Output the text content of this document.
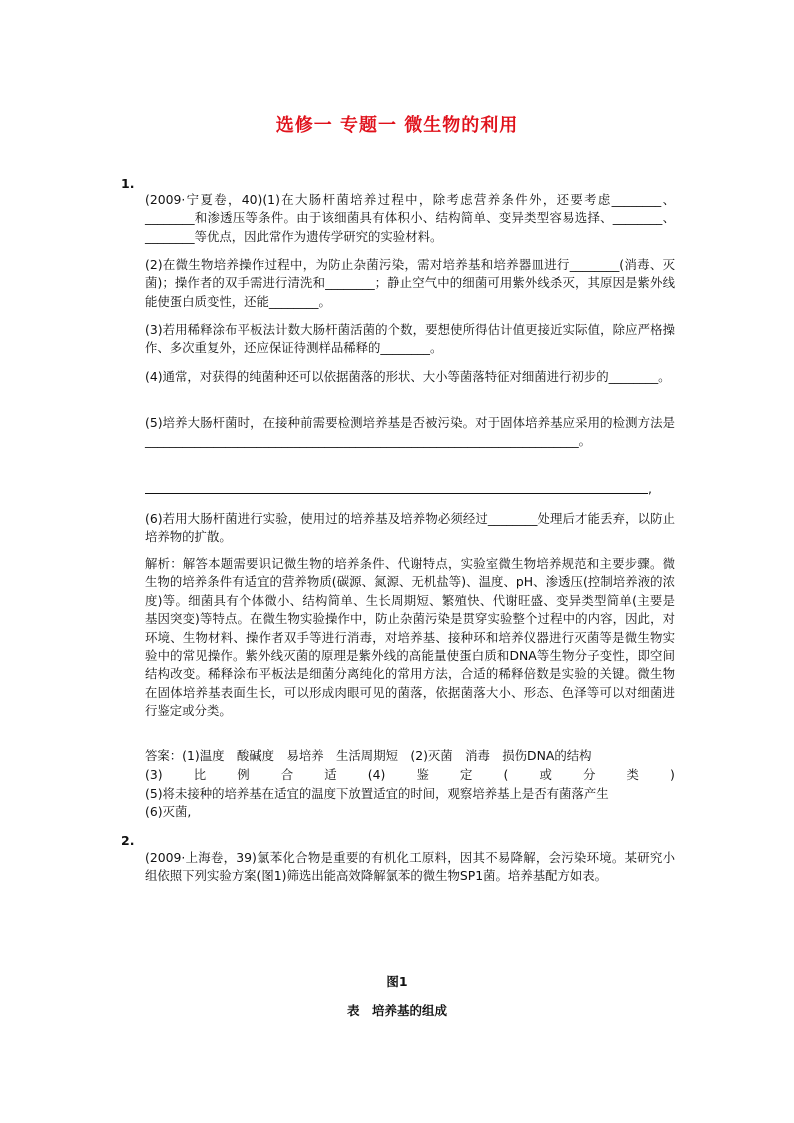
选修一 专题一 微生物的利用
1.

(2009·宁夏卷，40)(1)在大肠杆菌培养过程中，除考虑营养条件外，还要考虑________、________和渗透压等条件。由于该细菌具有体积小、结构简单、变异类型容易选择、________、________等优点，因此常作为遗传学研究的实验材料。

(2)在微生物培养操作过程中，为防止杂菌污染，需对培养基和培养器皿进行________(消毒、灭菌)；操作者的双手需进行清洗和________；静止空气中的细菌可用紫外线杀灭，其原因是紫外线能使蛋白质变性，还能________。

(3)若用稀释涂布平板法计数大肠杆菌活菌的个数，要想使所得估计值更接近实际值，除应严格操作、多次重复外，还应保证待测样品稀释的________。

(4)通常，对获得的纯菌种还可以依据菌落的形状、大小等菌落特征对细菌进行初步的________。

(5)培养大肠杆菌时，在接种前需要检测培养基是否被污染。对于固体培养基应采用的检测方法是______________________________________________________________________。

,

(6)若用大肠杆菌进行实验，使用过的培养基及培养物必须经过________处理后才能丢弃，以防止培养物的扩散。

解析：解答本题需要识记微生物的培养条件、代谢特点，实验室微生物培养规范和主要步骤。微生物的培养条件有适宜的营养物质(碳源、氮源、无机盐等)、温度、pH、渗透压(控制培养液的浓度)等。细菌具有个体微小、结构简单、生长周期短、繁殖快、代谢旺盛、变异类型简单(主要是基因突变)等特点。在微生物实验操作中，防止杂菌污染是贯穿实验整个过程中的内容，因此，对环境、生物材料、操作者双手等进行消毒，对培养基、接种环和培养仪器进行灭菌等是微生物实验中的常见操作。紫外线灭菌的原理是紫外线的高能量使蛋白质和DNA等生物分子变性，即空间结构改变。稀释涂布平板法是细菌分离纯化的常用方法，合适的稀释倍数是实验的关键。微生物在固体培养基表面生长，可以形成肉眼可见的菌落，依据菌落大小、形态、色泽等可以对细菌进行鉴定或分类。

答案：(1)温度　酸碱度　易培养　生活周期短　(2)灭菌　消毒　损伤DNA的结构
(3)	比	例	合	适	(4)	鉴	定	(	或	分	类	)
(5)将未接种的培养基在适宜的温度下放置适宜的时间，观察培养基上是否有菌落产生
(6)灭菌,
2.

(2009·上海卷，39)氯苯化合物是重要的有机化工原料，因其不易降解，会污染环境。某研究小组依照下列实验方案(图1)筛选出能高效降解氯苯的微生物SP1菌。培养基配方如表。

图1
表　培养基的组成
